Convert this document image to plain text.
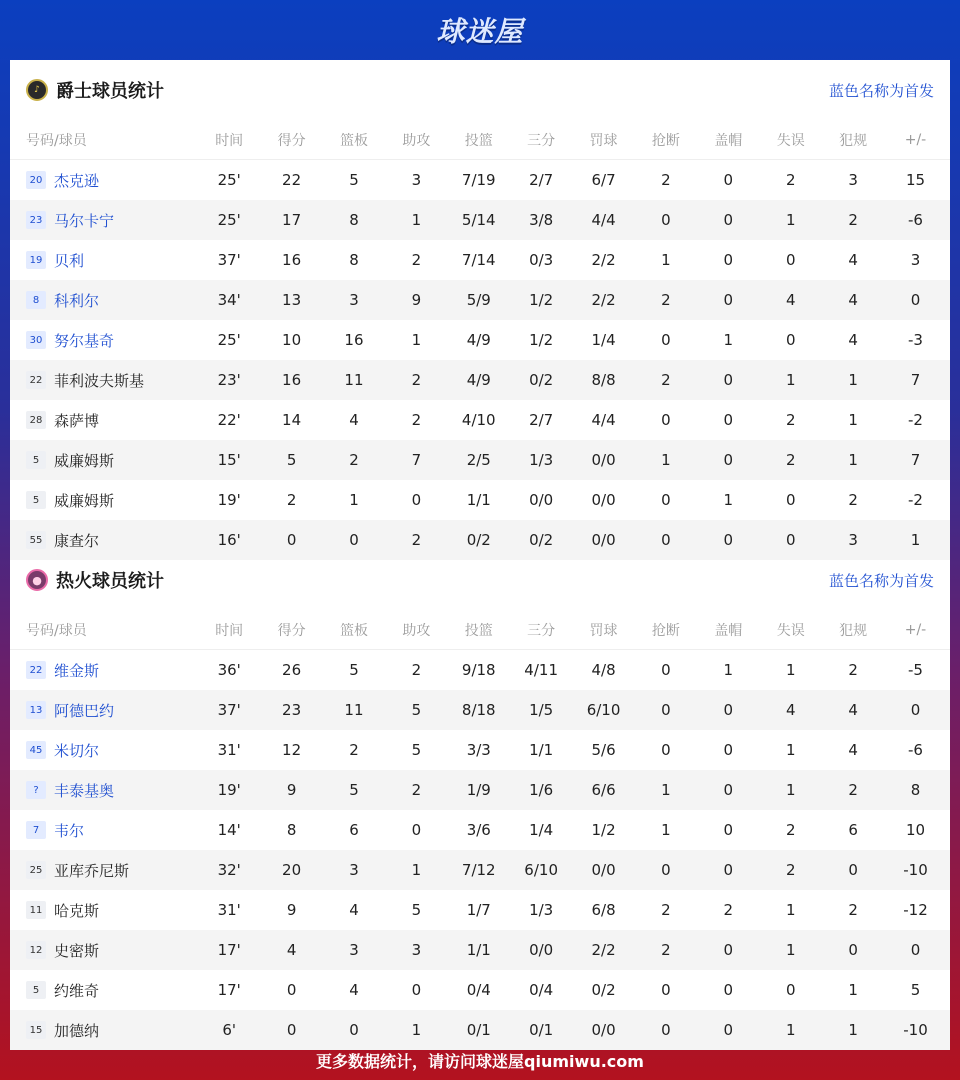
球迷屋
♪ 爵士球员统计	蓝色名称为首发
号码/球员	时间	得分	篮板	助攻	投篮	三分	罚球	抢断	盖帽	失误	犯规	+/-
20 杰克逊	25'	22	5	3	7/19	2/7	6/7	2	0	2	3	15
23 马尔卡宁	25'	17	8	1	5/14	3/8	4/4	0	0	1	2	-6
19 贝利	37'	16	8	2	7/14	0/3	2/2	1	0	0	4	3
8 科利尔	34'	13	3	9	5/9	1/2	2/2	2	0	4	4	0
30 努尔基奇	25'	10	16	1	4/9	1/2	1/4	0	1	0	4	-3
22 菲利波夫斯基	23'	16	11	2	4/9	0/2	8/8	2	0	1	1	7
28 森萨博	22'	14	4	2	4/10	2/7	4/4	0	0	2	1	-2
5 威廉姆斯	15'	5	2	7	2/5	1/3	0/0	1	0	2	1	7
5 威廉姆斯	19'	2	1	0	1/1	0/0	0/0	0	1	0	2	-2
55 康查尔	16'	0	0	2	0/2	0/2	0/0	0	0	0	3	1
● 热火球员统计	蓝色名称为首发
号码/球员	时间	得分	篮板	助攻	投篮	三分	罚球	抢断	盖帽	失误	犯规	+/-
22 维金斯	36'	26	5	2	9/18	4/11	4/8	0	1	1	2	-5
13 阿德巴约	37'	23	11	5	8/18	1/5	6/10	0	0	4	4	0
45 米切尔	31'	12	2	5	3/3	1/1	5/6	0	0	1	4	-6
?	丰泰基奥	19'	9	5	2	1/9	1/6	6/6	1	0	1	2	8
7 韦尔	14'	8	6	0	3/6	1/4	1/2	1	0	2	6	10
25 亚库乔尼斯	32'	20	3	1	7/12	6/10	0/0	0	0	2	0	-10
11 哈克斯	31'	9	4	5	1/7	1/3	6/8	2	2	1	2	-12
12 史密斯	17'	4	3	3	1/1	0/0	2/2	2	0	1	0	0
5 约维奇	17'	0	4	0	0/4	0/4	0/2	0	0	0	1	5
15 加德纳	6'	0	0	1	0/1	0/1	0/0	0	0	1	1	-10
更多数据统计，请访问球迷屋qiumiwu.com
